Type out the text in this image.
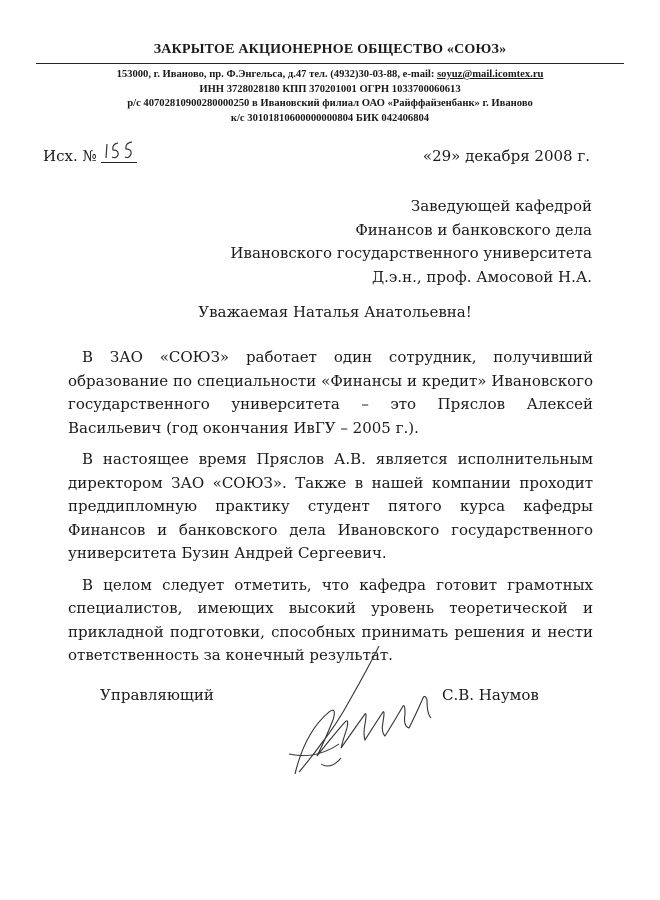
ЗАКРЫТОЕ АКЦИОНЕРНОЕ ОБЩЕСТВО «СОЮЗ»
153000, г. Иваново, пр. Ф.Энгельса, д.47 тел. (4932)30-03-88, e-mail: soyuz@mail.icomtex.ru
ИНН 3728028180 КПП 370201001 ОГРН 1033700060613
р/с 40702810900280000250 в Ивановский филиал ОАО «Райффайзенбанк» г. Иваново
к/с 30101810600000000804 БИК 042406804
Исх. №	«29» декабря 2008 г.
Заведующей кафедрой
Финансов и банковского дела
Ивановского государственного университета
Д.э.н., проф. Амосовой Н.А.
Уважаемая Наталья Анатольевна!

В ЗАО «СОЮЗ» работает один сотрудник, получивший образование по специальности «Финансы и кредит» Ивановского государственного университета – это Пряслов Алексей Васильевич (год окончания ИвГУ – 2005 г.).

В настоящее время Пряслов А.В. является исполнительным директором ЗАО «СОЮЗ». Также в нашей компании проходит преддипломную практику студент пятого курса кафедры Финансов и банковского дела Ивановского государственного университета Бузин Андрей Сергеевич.

В целом следует отметить, что кафедра готовит грамотных специалистов, имеющих высокий уровень теоретической и прикладной подготовки, способных принимать решения и нести ответственность за конечный результат.

Управляющий	С.В. Наумов
